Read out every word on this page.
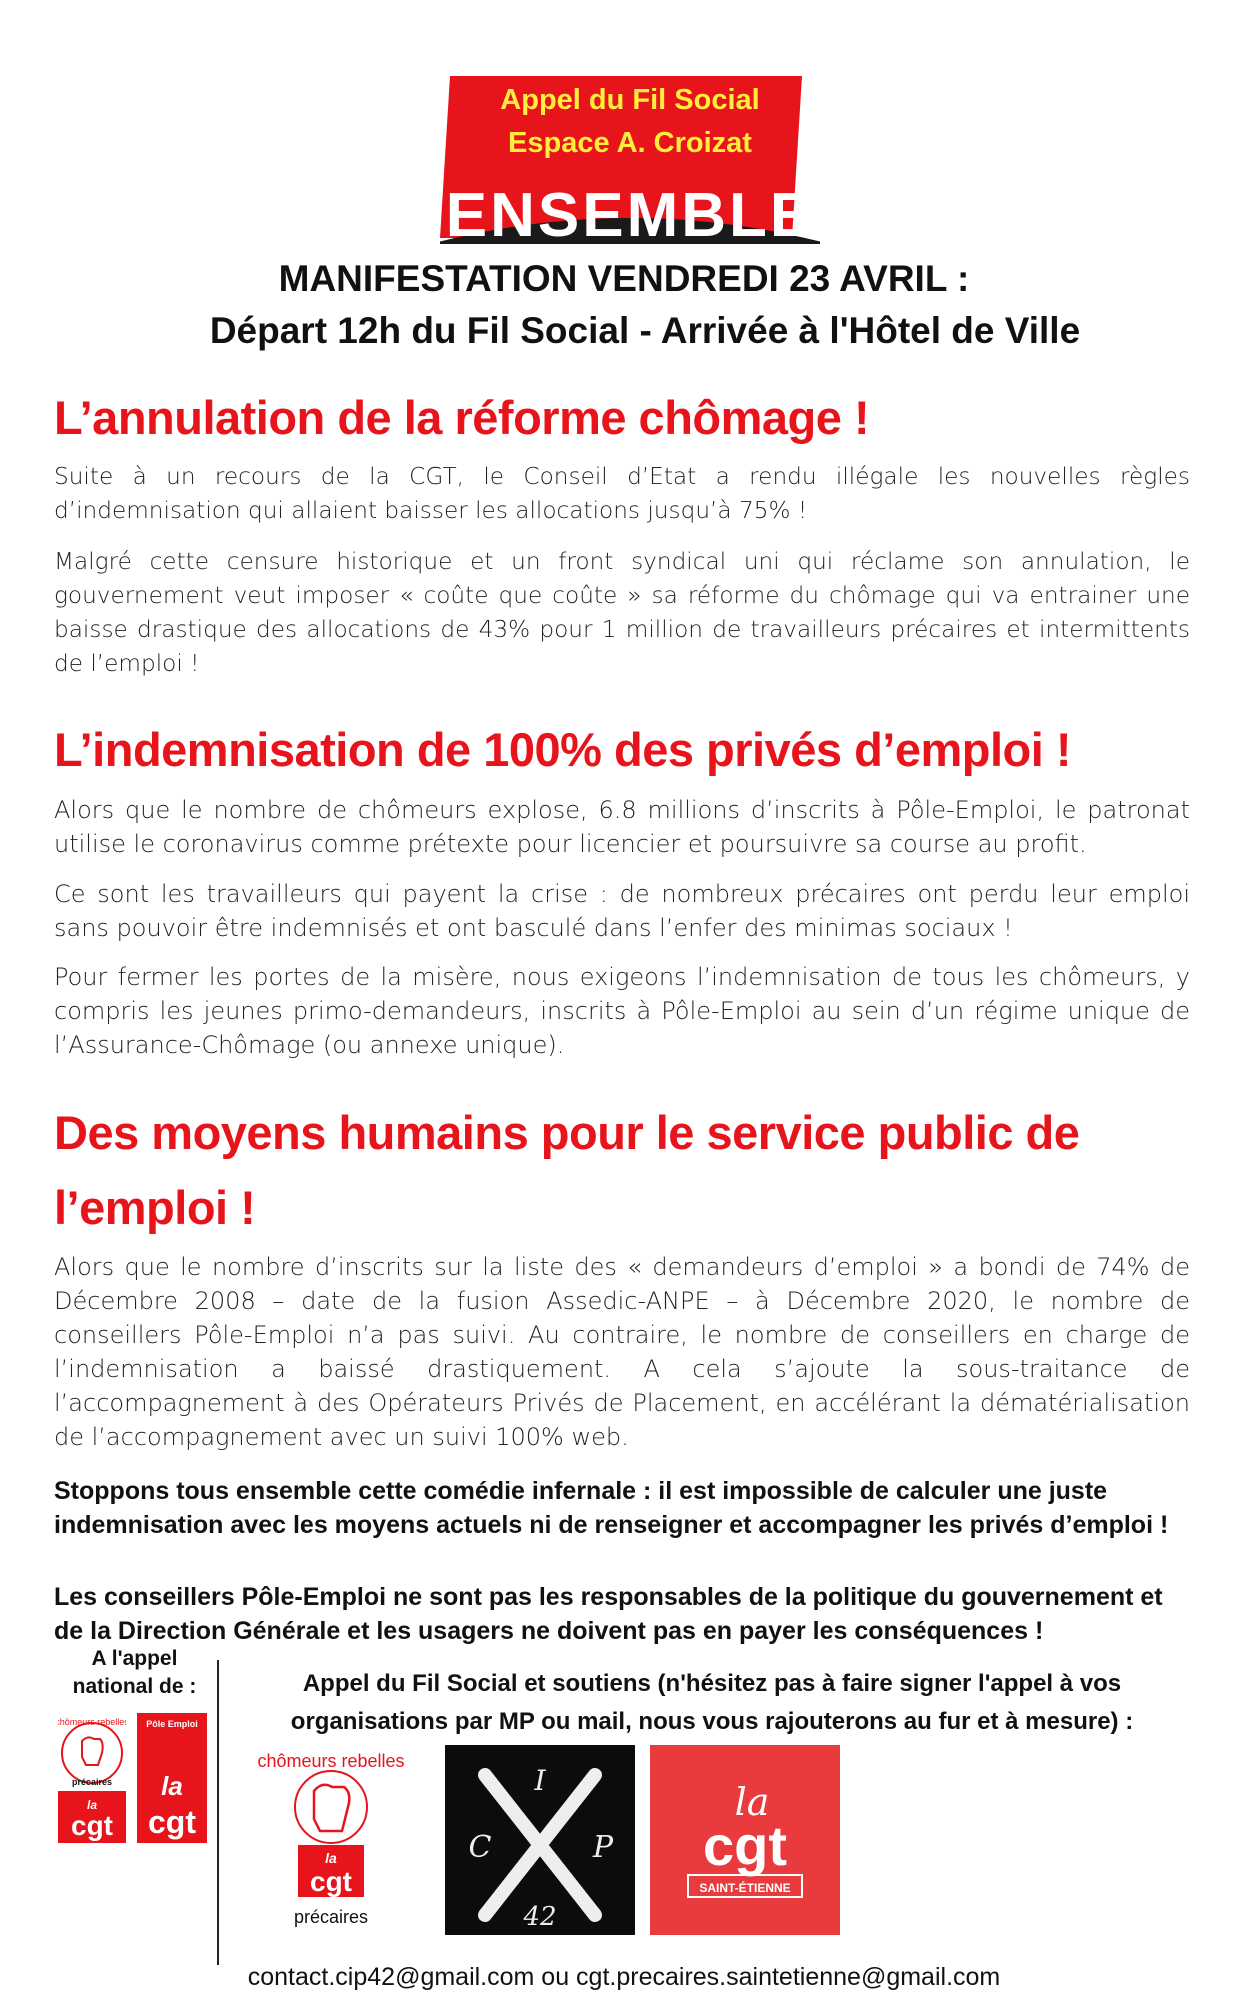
Appel du Fil Social
Espace A. Croizat
ENSEMBLE
MANIFESTATION VENDREDI 23 AVRIL :
Départ 12h du Fil Social - Arrivée à l'Hôtel de Ville
L’annulation de la réforme chômage !
Suite à un recours de la CGT, le Conseil d’Etat a rendu illégale les nouvelles règles d’indemnisation qui allaient baisser les allocations jusqu’à 75% !
Malgré cette censure historique et un front syndical uni qui réclame son annulation, le gouvernement veut imposer « coûte que coûte » sa réforme du chômage qui va entrainer une baisse drastique des allocations de 43% pour 1 million de travailleurs précaires et intermittents de l’emploi !
L’indemnisation de 100% des privés d’emploi !
Alors que le nombre de chômeurs explose, 6.8 millions d’inscrits à Pôle-Emploi, le patronat utilise le coronavirus comme prétexte pour licencier et poursuivre sa course au profit.
Ce sont les travailleurs qui payent la crise : de nombreux précaires ont perdu leur emploi sans pouvoir être indemnisés et ont basculé dans l’enfer des minimas sociaux !
Pour fermer les portes de la misère, nous exigeons l’indemnisation de tous les chômeurs, y compris les jeunes primo-demandeurs, inscrits à Pôle-Emploi au sein d’un régime unique de l’Assurance-Chômage (ou annexe unique).
Des moyens humains pour le service public de
l’emploi !
Alors que le nombre d’inscrits sur la liste des « demandeurs d’emploi » a bondi de 74% de Décembre 2008 – date de la fusion Assedic-ANPE – à Décembre 2020, le nombre de conseillers Pôle-Emploi n’a pas suivi. Au contraire, le nombre de conseillers en charge de l’indemnisation a baissé drastiquement. A cela s’ajoute la sous-traitance de l’accompagnement à des Opérateurs Privés de Placement, en accélérant la dématérialisation de l’accompagnement avec un suivi 100% web.
Stoppons tous ensemble cette comédie infernale : il est impossible de calculer une juste indemnisation avec les moyens actuels ni de renseigner et accompagner les privés d’emploi !
Les conseillers Pôle-Emploi ne sont pas les responsables de la politique du gouvernement et de la Direction Générale et les usagers ne doivent pas en payer les conséquences !
A l'appel national de :
chômeurs rebelles
précaires
la
cgt
Pôle Emploi
la
cgt
Appel du Fil Social et soutiens (n'hésitez pas à faire signer l'appel à vos organisations par MP ou mail, nous vous rajouterons au fur et à mesure) :
chômeurs rebelles
la
cgt
précaires
I
C	P
42
la
cgt
SAINT-ÉTIENNE
contact.cip42@gmail.com ou cgt.precaires.saintetienne@gmail.com
